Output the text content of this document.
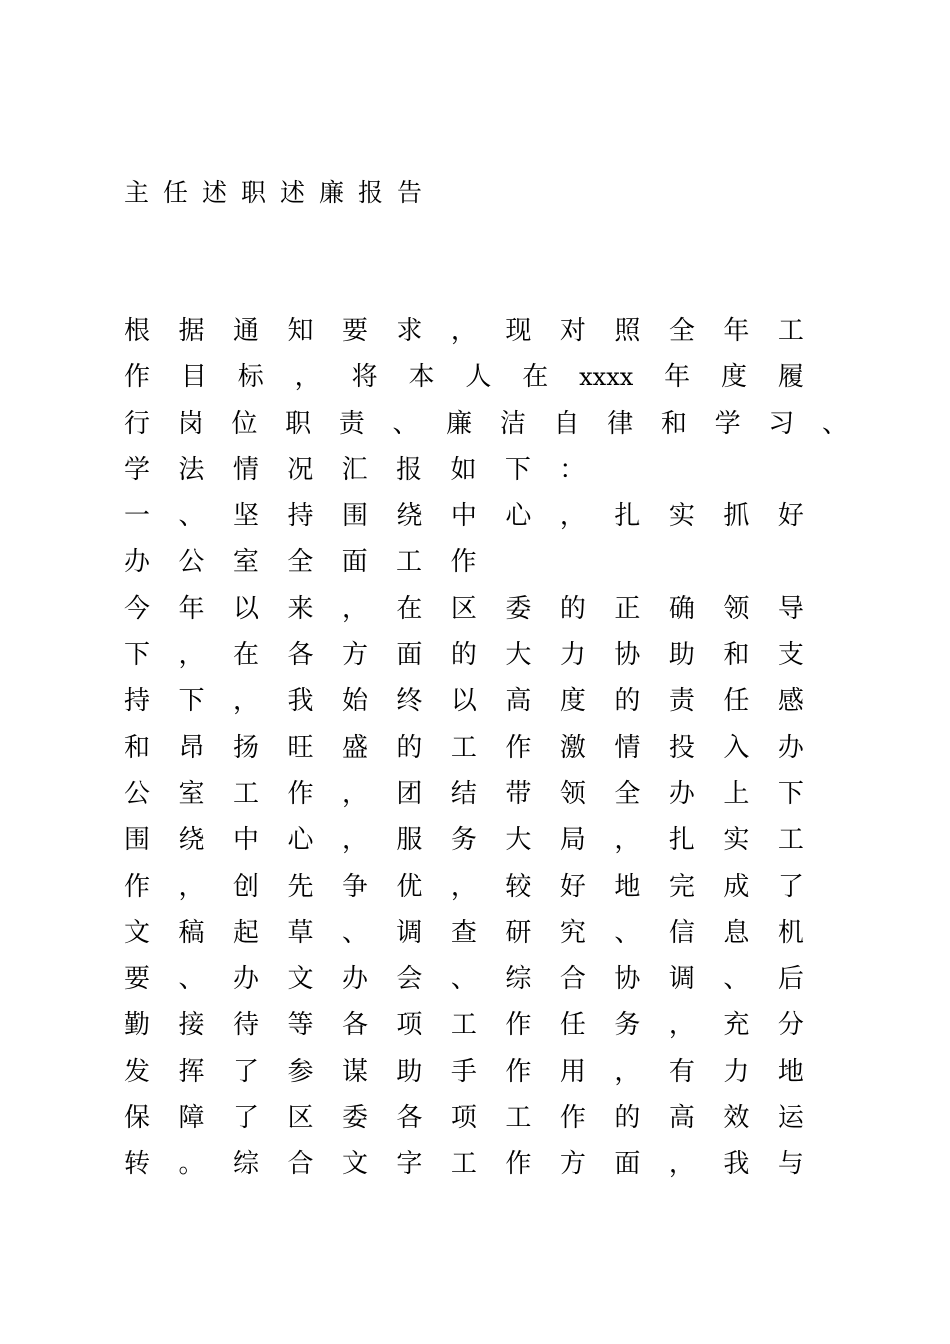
主任述职述廉报告
根 据 通 知 要 求 ， 现 对 照 全 年 工
作 目 标 ， 将 本 人 在 xxxx 年 度 履
行 岗 位 职 责 、 廉 洁 自 律 和 学 习 、
学 法 情 况 汇 报 如 下 ：
一 、 坚 持 围 绕 中 心 ， 扎 实 抓 好
办 公 室 全 面 工 作
今 年 以 来 ， 在 区 委 的 正 确 领 导
下 ， 在 各 方 面 的 大 力 协 助 和 支
持 下 ， 我 始 终 以 高 度 的 责 任 感
和 昂 扬 旺 盛 的 工 作 激 情 投 入 办
公 室 工 作 ， 团 结 带 领 全 办 上 下
围 绕 中 心 ， 服 务 大 局 ， 扎 实 工
作 ， 创 先 争 优 ， 较 好 地 完 成 了
文 稿 起 草 、 调 查 研 究 、 信 息 机
要 、 办 文 办 会 、 综 合 协 调 、 后
勤 接 待 等 各 项 工 作 任 务 ， 充 分
发 挥 了 参 谋 助 手 作 用 ， 有 力 地
保 障 了 区 委 各 项 工 作 的 高 效 运
转 。 综 合 文 字 工 作 方 面 ， 我 与
